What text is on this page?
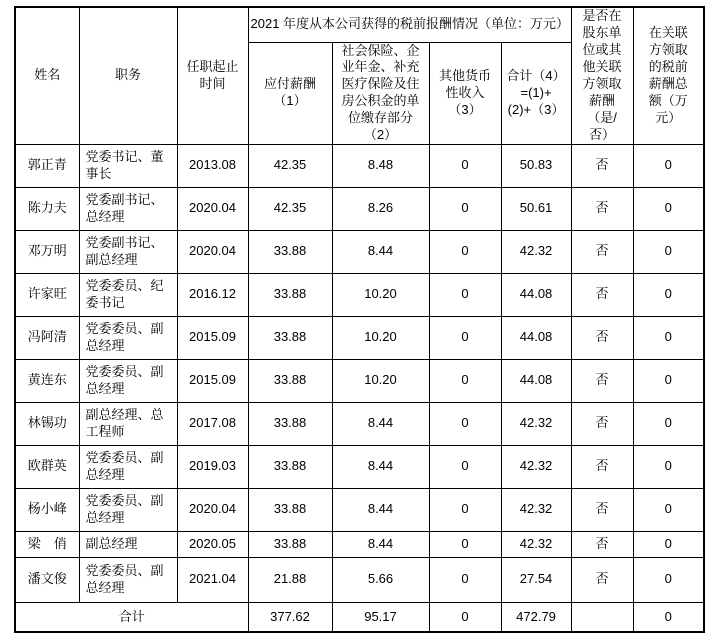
姓名	职务	任职起止时间	2021 年度从本公司获得的税前报酬情况（单位：万元）				是否在股东单位或其他关联方领取薪酬（是/否）	在关联方领取的税前薪酬总额（万元）
			应付薪酬（1）	社会保险、企业年金、补充医疗保险及住房公积金的单位缴存部分（2）	其他货币性收入（3）	合计（4）=(1)+(2)+（3）		
郭正青	党委书记、董事长	2013.08	42.35	8.48	0	50.83	否	0
陈力夫	党委副书记、总经理	2020.04	42.35	8.26	0	50.61	否	0
邓万明	党委副书记、副总经理	2020.04	33.88	8.44	0	42.32	否	0
许家旺	党委委员、纪委书记	2016.12	33.88	10.20	0	44.08	否	0
冯阿清	党委委员、副总经理	2015.09	33.88	10.20	0	44.08	否	0
黄连东	党委委员、副总经理	2015.09	33.88	10.20	0	44.08	否	0
林锡功	副总经理、总工程师	2017.08	33.88	8.44	0	42.32	否	0
欧群英	党委委员、副总经理	2019.03	33.88	8.44	0	42.32	否	0
杨小峰	党委委员、副总经理	2020.04	33.88	8.44	0	42.32	否	0
梁　俏	副总经理	2020.05	33.88	8.44	0	42.32	否	0
潘文俊	党委委员、副总经理	2021.04	21.88	5.66	0	27.54	否	0
合计			377.62	95.17	0	472.79		0
